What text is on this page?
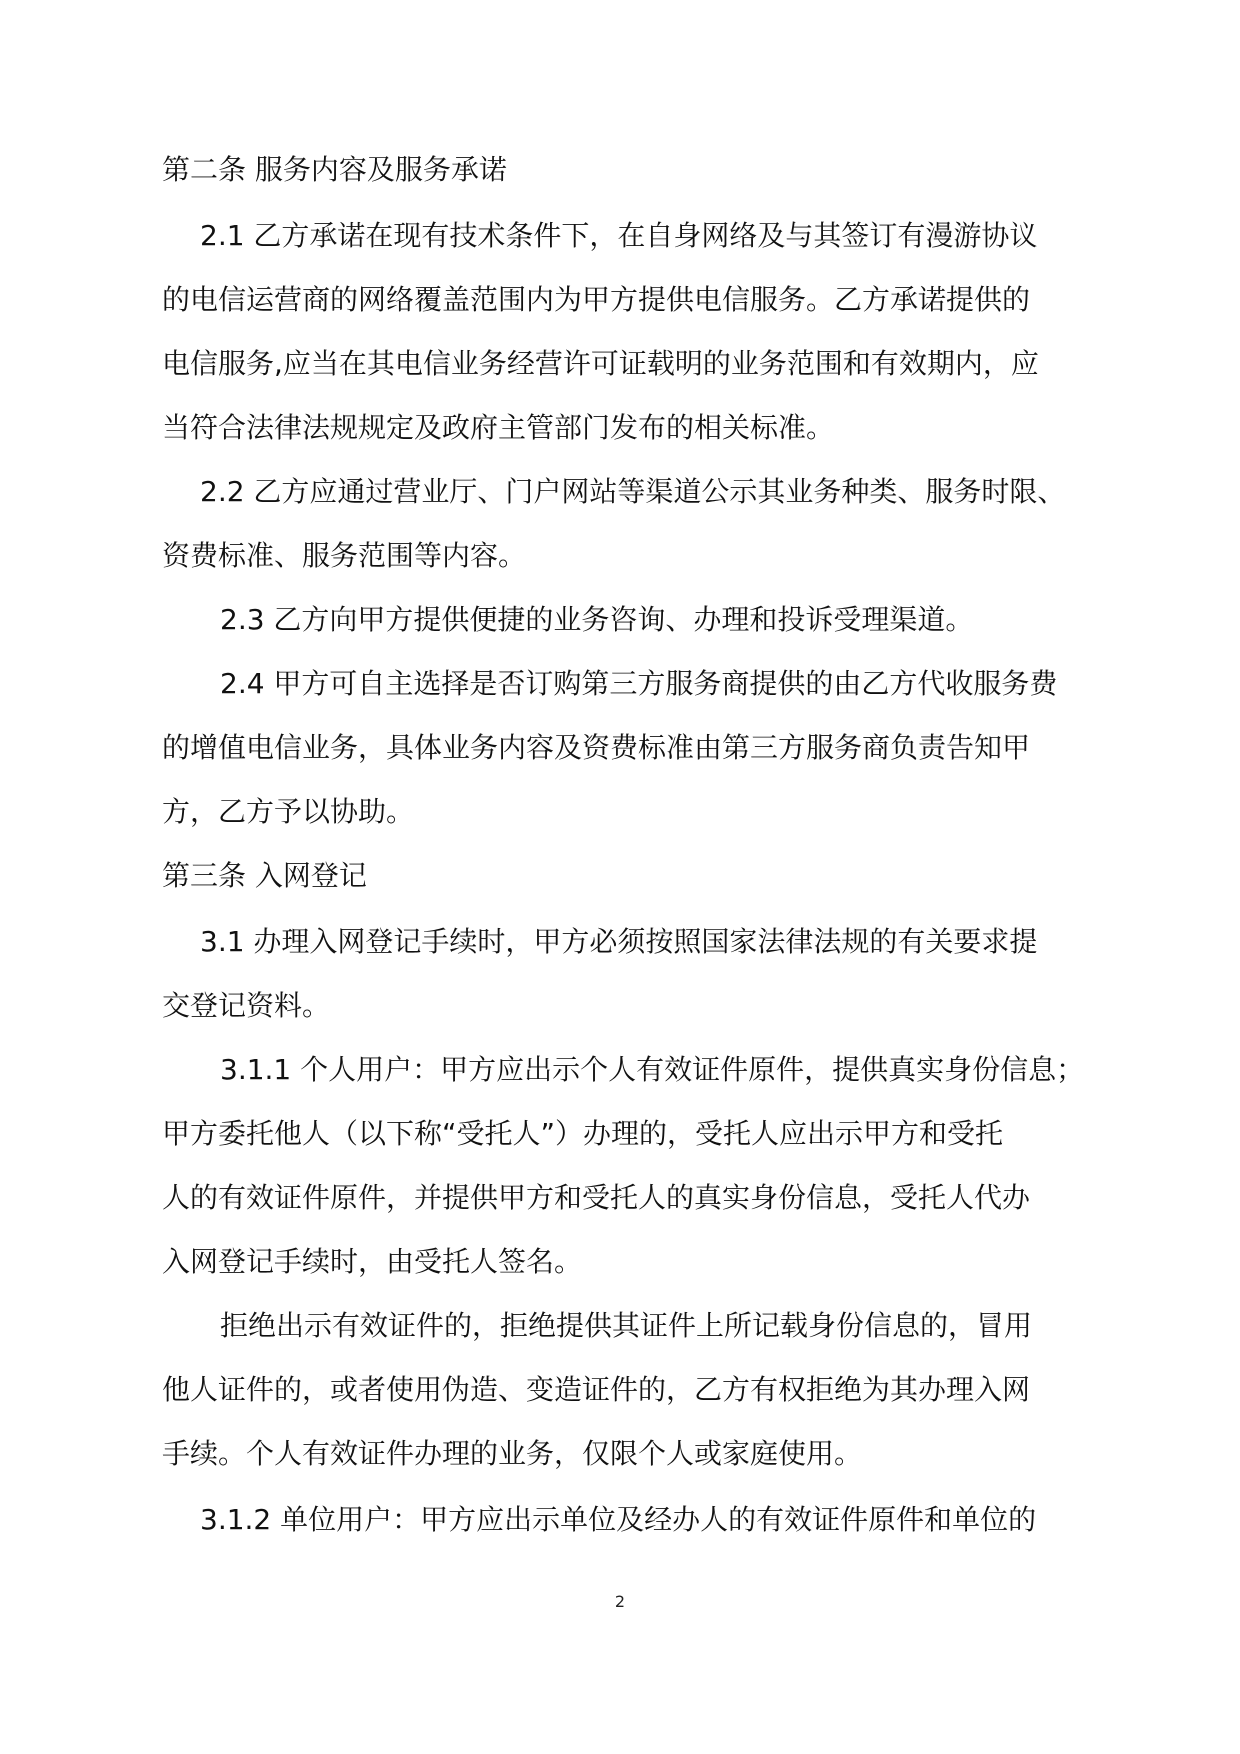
第二条 服务内容及服务承诺
2.1 乙方承诺在现有技术条件下，在自身网络及与其签订有漫游协议
的电信运营商的网络覆盖范围内为甲方提供电信服务。乙方承诺提供的
电信服务,应当在其电信业务经营许可证载明的业务范围和有效期内，应
当符合法律法规规定及政府主管部门发布的相关标准。
2.2 乙方应通过营业厅、门户网站等渠道公示其业务种类、服务时限、
资费标准、服务范围等内容。
2.3 乙方向甲方提供便捷的业务咨询、办理和投诉受理渠道。
2.4 甲方可自主选择是否订购第三方服务商提供的由乙方代收服务费
的增值电信业务，具体业务内容及资费标准由第三方服务商负责告知甲
方，乙方予以协助。
第三条 入网登记
3.1 办理入网登记手续时，甲方必须按照国家法律法规的有关要求提
交登记资料。
3.1.1 个人用户：甲方应出示个人有效证件原件，提供真实身份信息；
甲方委托他人（以下称“受托人”）办理的，受托人应出示甲方和受托
人的有效证件原件，并提供甲方和受托人的真实身份信息，受托人代办
入网登记手续时，由受托人签名。
拒绝出示有效证件的，拒绝提供其证件上所记载身份信息的，冒用
他人证件的，或者使用伪造、变造证件的，乙方有权拒绝为其办理入网
手续。个人有效证件办理的业务，仅限个人或家庭使用。
3.1.2 单位用户：甲方应出示单位及经办人的有效证件原件和单位的
2
